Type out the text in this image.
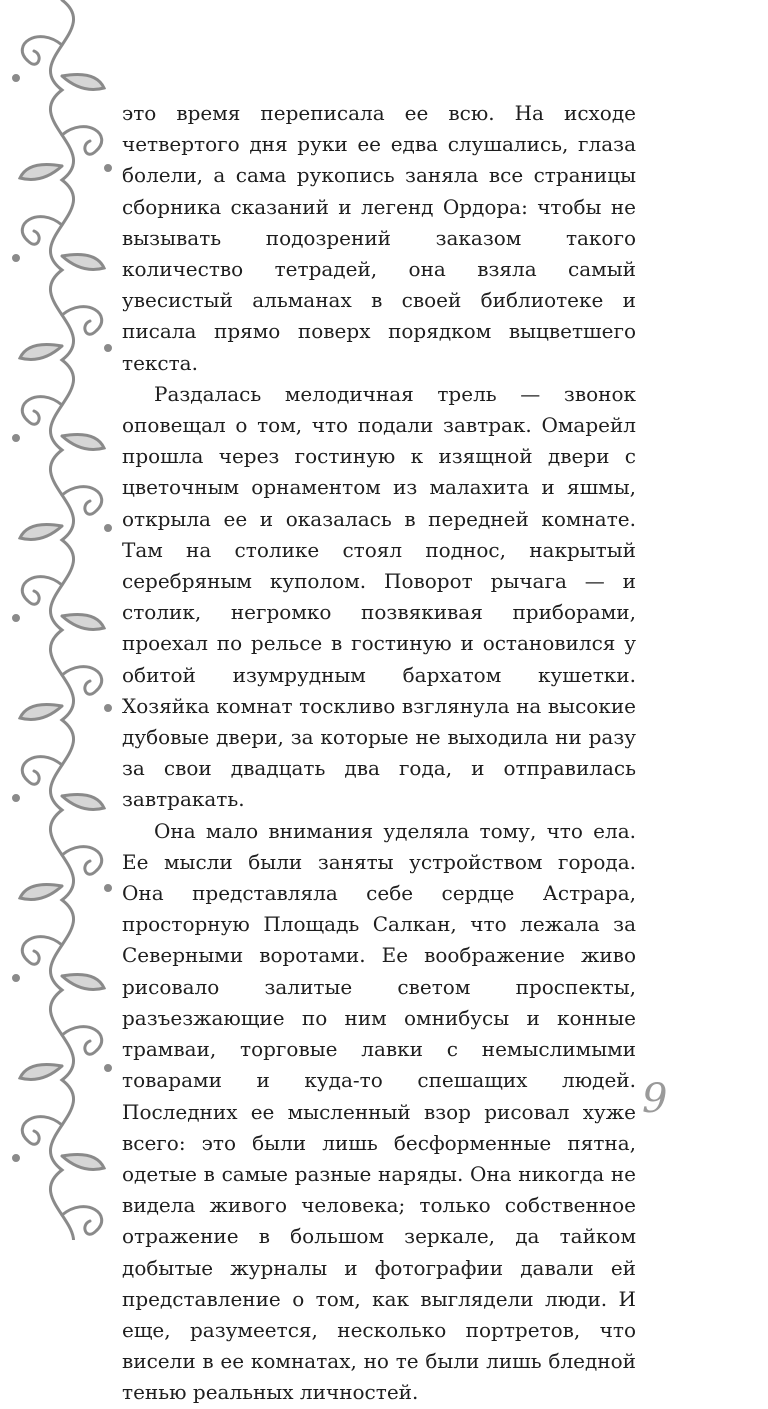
это время переписала ее всю. На исходе четвертого дня руки ее едва слушались, глаза болели, а сама рукопись заняла все страницы сборника сказаний и легенд Ордора: чтобы не вызывать подозрений заказом такого количество тетрадей, она взяла самый увесистый альманах в своей библиотеке и писала прямо поверх порядком выцветшего текста.

Раздалась мелодичная трель — звонок оповещал о том, что подали завтрак. Омарейл прошла через гостиную к изящной двери с цветочным орнаментом из малахита и яшмы, открыла ее и оказалась в передней комнате. Там на столике стоял поднос, накрытый серебряным куполом. Поворот рычага — и столик, негромко позвякивая приборами, проехал по рельсе в гостиную и остановился у обитой изумрудным бархатом кушетки. Хозяйка комнат тоскливо взглянула на высокие дубовые двери, за которые не выходила ни разу за свои двадцать два года, и отправилась завтракать.

Она мало внимания уделяла тому, что ела. Ее мысли были заняты устройством города. Она представляла себе сердце Астрара, просторную Площадь Салкан, что лежала за Северными воротами. Ее воображение живо рисовало залитые светом проспекты, разъезжающие по ним омнибусы и конные трамваи, торговые лавки с немыслимыми товарами и куда-то спешащих людей. Последних ее мысленный взор рисовал хуже всего: это были лишь бесформенные пятна, одетые в самые разные наряды. Она никогда не видела живого человека; только собственное отражение в большом зеркале, да тайком добытые журналы и фотографии давали ей представление о том, как выглядели люди. И еще, разумеется, несколько портретов, что висели в ее комнатах, но те были лишь бледной тенью реальных личностей.

9
